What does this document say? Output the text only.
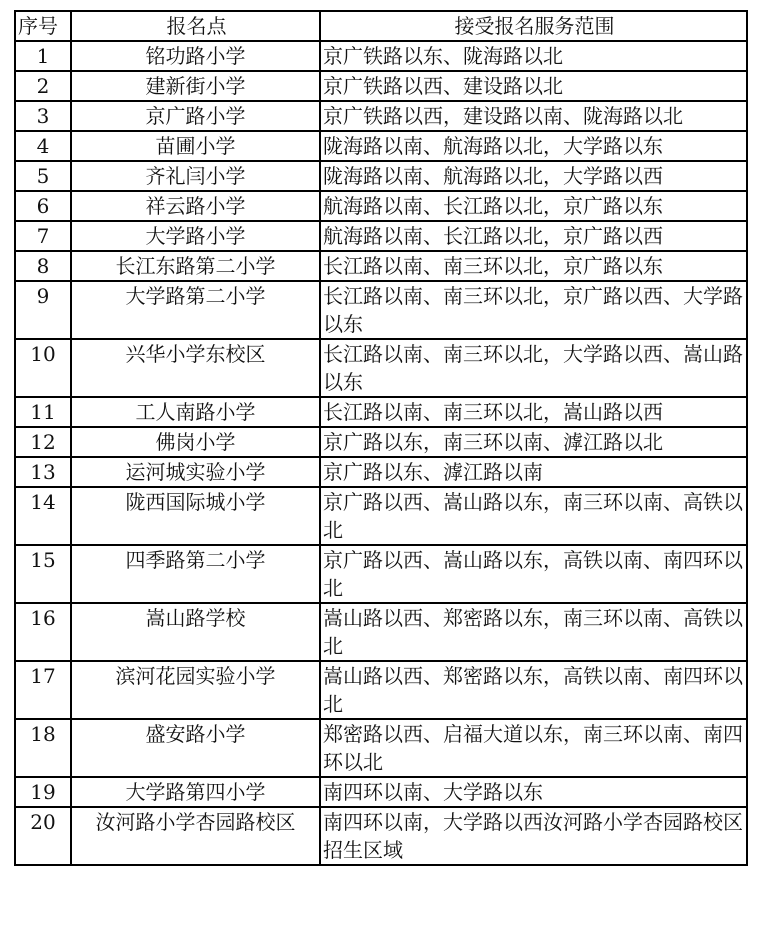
序号	报名点	接受报名服务范围
1	铭功路小学	京广铁路以东、陇海路以北
2	建新街小学	京广铁路以西、建设路以北
3	京广路小学	京广铁路以西，建设路以南、陇海路以北
4	苗圃小学	陇海路以南、航海路以北，大学路以东
5	齐礼闫小学	陇海路以南、航海路以北，大学路以西
6	祥云路小学	航海路以南、长江路以北，京广路以东
7	大学路小学	航海路以南、长江路以北，京广路以西
8	长江东路第二小学	长江路以南、南三环以北，京广路以东
9	大学路第二小学	长江路以南、南三环以北，京广路以西、大学路以东
10	兴华小学东校区	长江路以南、南三环以北，大学路以西、嵩山路以东
11	工人南路小学	长江路以南、南三环以北，嵩山路以西
12	佛岗小学	京广路以东，南三环以南、滹江路以北
13	运河城实验小学	京广路以东、滹江路以南
14	陇西国际城小学	京广路以西、嵩山路以东，南三环以南、高铁以北
15	四季路第二小学	京广路以西、嵩山路以东，高铁以南、南四环以北
16	嵩山路学校	嵩山路以西、郑密路以东，南三环以南、高铁以北
17	滨河花园实验小学	嵩山路以西、郑密路以东，高铁以南、南四环以北
18	盛安路小学	郑密路以西、启福大道以东，南三环以南、南四环以北
19	大学路第四小学	南四环以南、大学路以东
20	汝河路小学杏园路校区	南四环以南，大学路以西汝河路小学杏园路校区招生区域
